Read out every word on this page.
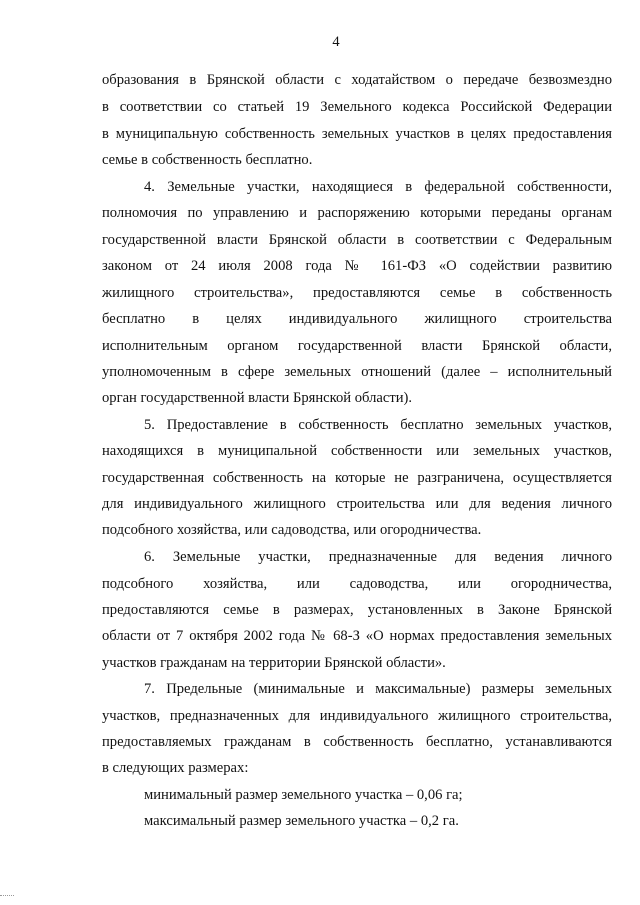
4
образования в Брянской области с ходатайством о передаче безвозмездно
в соответствии со статьей 19 Земельного кодекса Российской Федерации
в муниципальную собственность земельных участков в целях предоставления
семье в собственность бесплатно.
4. Земельные участки, находящиеся в федеральной собственности,
полномочия по управлению и распоряжению которыми переданы органам
государственной власти Брянской области в соответствии с Федеральным
законом от 24 июля 2008 года № 161-ФЗ «О содействии развитию
жилищного строительства», предоставляются семье в собственность
бесплатно в целях индивидуального жилищного строительства
исполнительным органом государственной власти Брянской области,
уполномоченным в сфере земельных отношений (далее – исполнительный
орган государственной власти Брянской области).
5. Предоставление в собственность бесплатно земельных участков,
находящихся в муниципальной собственности или земельных участков,
государственная собственность на которые не разграничена, осуществляется
для индивидуального жилищного строительства или для ведения личного
подсобного хозяйства, или садоводства, или огородничества.
6. Земельные участки, предназначенные для ведения личного
подсобного хозяйства, или садоводства, или огородничества,
предоставляются семье в размерах, установленных в Законе Брянской
области от 7 октября 2002 года № 68-З «О нормах предоставления земельных
участков гражданам на территории Брянской области».
7. Предельные (минимальные и максимальные) размеры земельных
участков, предназначенных для индивидуального жилищного строительства,
предоставляемых гражданам в собственность бесплатно, устанавливаются
в следующих размерах:
минимальный размер земельного участка – 0,06 га;
максимальный размер земельного участка – 0,2 га.
